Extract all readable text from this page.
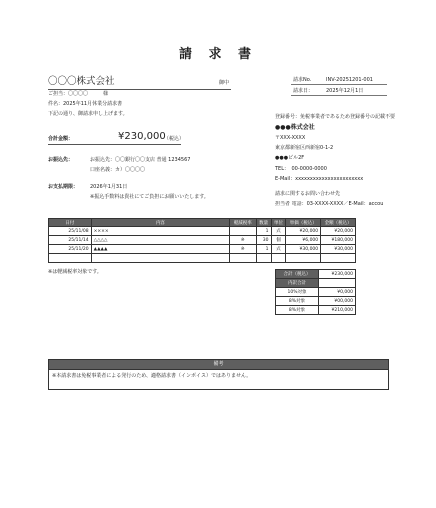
請 求 書
〇〇〇株式会社	御中
ご担当：〇〇〇〇　　　様
件名：2025年11月休業分請求書
下記の通り、御請求申し上げます。
請求No.	INV-20251201-001
請求日：	2025年12月1日
登録番号：免税事業者であるため登録番号の記載不要
●●●株式会社
〒XXX-XXXX
東京都新宿区西新宿0-1-2
●●●ビル2F
TEL：　00-0000-0000
E-Mail：xxxxxxxxxxxxxxxxxxxxxxx
請求に関するお問い合わせ先
担当者 電話：03-XXXX-XXXX／E-Mail：accou
合計金額：	¥230,000
（税込）
お振込先：	お振込先：〇〇銀行〇〇支店 普通 1234567
口座名義：カ）〇〇〇〇
お支払期限： 2026年1月31日
※振込手数料は貴社にてご負担にお願いいたします。
日付	内容	軽減税率	数量	単位	単価（税込）	金額（税込）
25/11/08	××××		1	式	¥20,000	¥20,000
25/11/14	△△△△	※	30	個	¥6,000	¥180,000
25/11/20	▲▲▲▲	※	1	式	¥30,000	¥30,000

※は軽減税率対象です。	合計（税込）	¥230,000
内訳合計	
10%対象	¥0,000
8%対象	¥00,000
8%対象	¥210,000
備考
※本請求書は免税事業者による発行のため、適格請求書（インボイス）ではありません。
